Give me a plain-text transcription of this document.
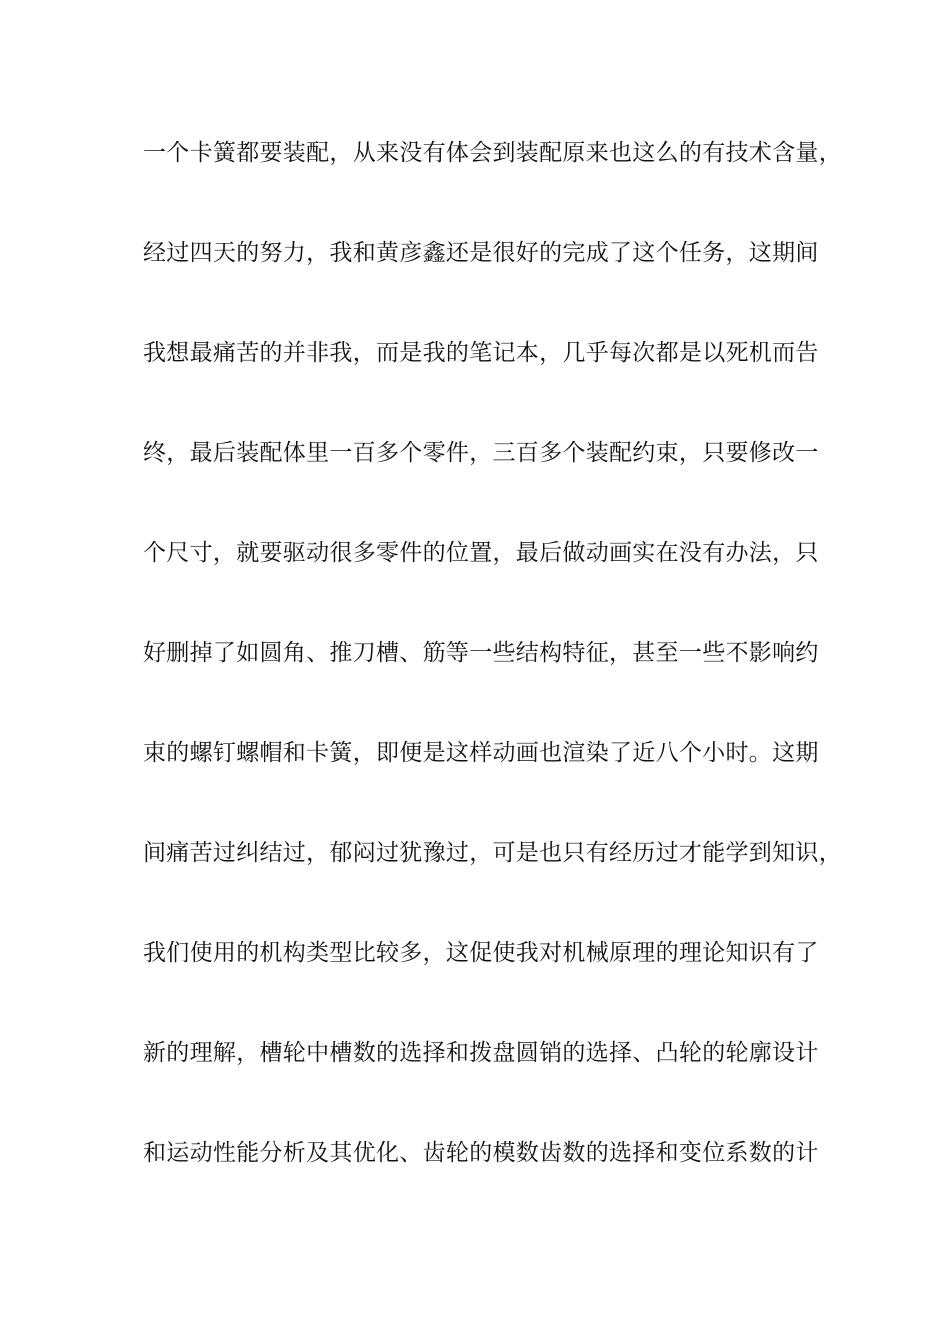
一个卡簧都要装配，从来没有体会到装配原来也这么的有技术含量，
经过四天的努力，我和黄彦鑫还是很好的完成了这个任务，这期间
我想最痛苦的并非我，而是我的笔记本，几乎每次都是以死机而告
终，最后装配体里一百多个零件，三百多个装配约束，只要修改一
个尺寸，就要驱动很多零件的位置，最后做动画实在没有办法，只
好删掉了如圆角、推刀槽、筋等一些结构特征，甚至一些不影响约
束的螺钉螺帽和卡簧，即便是这样动画也渲染了近八个小时。这期
间痛苦过纠结过，郁闷过犹豫过，可是也只有经历过才能学到知识，
我们使用的机构类型比较多，这促使我对机械原理的理论知识有了
新的理解，槽轮中槽数的选择和拨盘圆销的选择、凸轮的轮廓设计
和运动性能分析及其优化、齿轮的模数齿数的选择和变位系数的计
